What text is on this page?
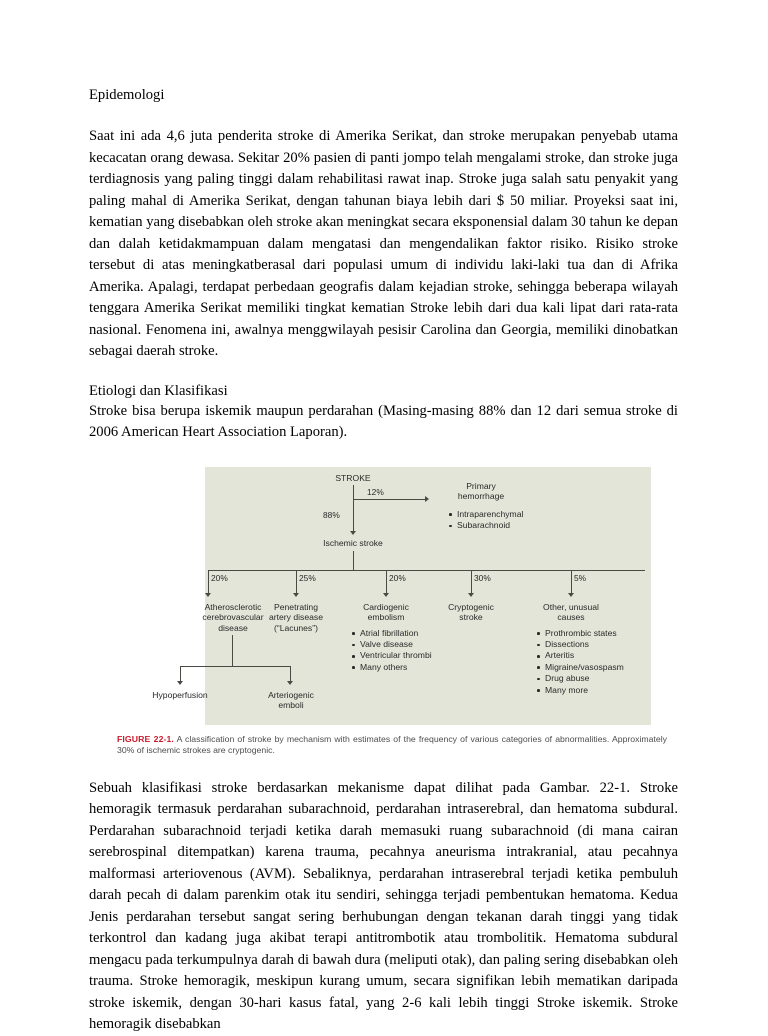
Epidemologi

Saat ini ada 4,6 juta penderita stroke di Amerika Serikat, dan stroke merupakan penyebab utama kecacatan orang dewasa. Sekitar 20% pasien di panti jompo telah mengalami stroke, dan stroke juga terdiagnosis yang paling tinggi dalam rehabilitasi rawat inap. Stroke juga salah satu penyakit yang paling mahal di Amerika Serikat, dengan tahunan biaya lebih dari $ 50 miliar. Proyeksi saat ini, kematian yang disebabkan oleh stroke akan meningkat secara eksponensial dalam 30 tahun ke depan dan dalah ketidakmampuan dalam mengatasi dan mengendalikan faktor risiko. Risiko stroke tersebut di atas meningkatberasal dari populasi umum di individu laki-laki tua dan di Afrika Amerika. Apalagi, terdapat perbedaan geografis dalam kejadian stroke, sehingga beberapa wilayah tenggara Amerika Serikat memiliki tingkat kematian Stroke lebih dari dua kali lipat dari rata-rata nasional. Fenomena ini, awalnya menggwilayah pesisir Carolina dan Georgia, memiliki dinobatkan sebagai daerah stroke.

Etiologi dan Klasifikasi

Stroke bisa berupa iskemik maupun perdarahan (Masing-masing 88% dan 12 dari semua stroke di 2006 American Heart Association Laporan).

STROKE
88%
12%
Primary
hemorrhage
Intraparenchymal
Subarachnoid
Ischemic stroke
20%
Atherosclerotic
cerebrovascular
disease
25%
Penetrating
artery disease
(“Lacunes”)
20%
Cardiogenic
embolism
Atrial fibrillation
Valve disease
Ventricular thrombi
Many others
30%
Cryptogenic
stroke
5%
Other, unusual
causes
Prothrombic states
Dissections
Arteritis
Migraine/vasospasm
Drug abuse
Many more
Hypoperfusion	Arteriogenic
emboli
FIGURE 22-1. A classification of stroke by mechanism with estimates of the frequency of various categories of abnormalities. Approximately 30% of ischemic strokes are cryptogenic.

Sebuah klasifikasi stroke berdasarkan mekanisme dapat dilihat pada Gambar. 22-1. Stroke hemoragik termasuk perdarahan subarachnoid, perdarahan intraserebral, dan hematoma subdural. Perdarahan subarachnoid terjadi ketika darah memasuki ruang subarachnoid (di mana cairan serebrospinal ditempatkan) karena trauma, pecahnya aneurisma intrakranial, atau pecahnya malformasi arteriovenous (AVM). Sebaliknya, perdarahan intraserebral terjadi ketika pembuluh darah pecah di dalam parenkim otak itu sendiri, sehingga terjadi pembentukan hematoma. Kedua Jenis perdarahan tersebut sangat sering berhubungan dengan tekanan darah tinggi yang tidak terkontrol dan kadang juga akibat terapi antitrombotik atau trombolitik. Hematoma subdural mengacu pada terkumpulnya darah di bawah dura (meliputi otak), dan paling sering disebabkan oleh trauma. Stroke hemoragik, meskipun kurang umum, secara signifikan lebih mematikan daripada stroke iskemik, dengan 30-hari kasus fatal, yang 2-6 kali lebih tinggi Stroke iskemik. Stroke hemoragik disebabkan
